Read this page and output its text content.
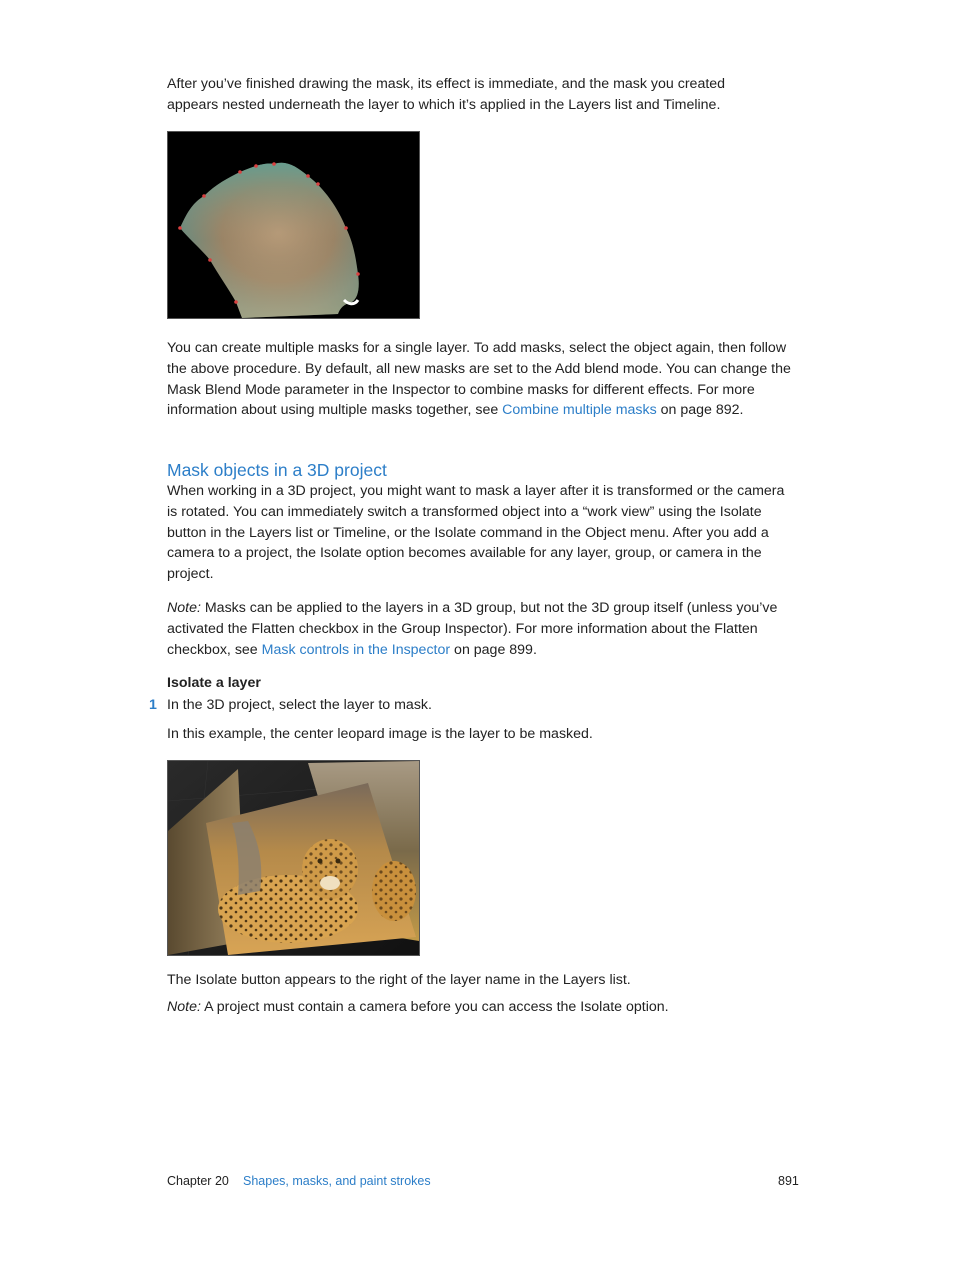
After you’ve finished drawing the mask, its effect is immediate, and the mask you created
appears nested underneath the layer to which it’s applied in the Layers list and Timeline.

You can create multiple masks for a single layer. To add masks, select the object again, then follow the above procedure. By default, all new masks are set to the Add blend mode. You can change the Mask Blend Mode parameter in the Inspector to combine masks for different effects. For more information about using multiple masks together, see Combine multiple masks on page 892.

Mask objects in a 3D project

When working in a 3D project, you might want to mask a layer after it is transformed or the camera is rotated. You can immediately switch a transformed object into a “work view” using the Isolate button in the Layers list or Timeline, or the Isolate command in the Object menu. After you add a camera to a project, the Isolate option becomes available for any layer, group, or camera in the project.

Note: Masks can be applied to the layers in a 3D group, but not the 3D group itself (unless you’ve activated the Flatten checkbox in the Group Inspector). For more information about the Flatten checkbox, see Mask controls in the Inspector on page 899.

Isolate a layer
1 In the 3D project, select the layer to mask.

In this example, the center leopard image is the layer to be masked.

The Isolate button appears to the right of the layer name in the Layers list.

Note: A project must contain a camera before you can access the Isolate option.

Chapter 20 Shapes, masks, and paint strokes	891
